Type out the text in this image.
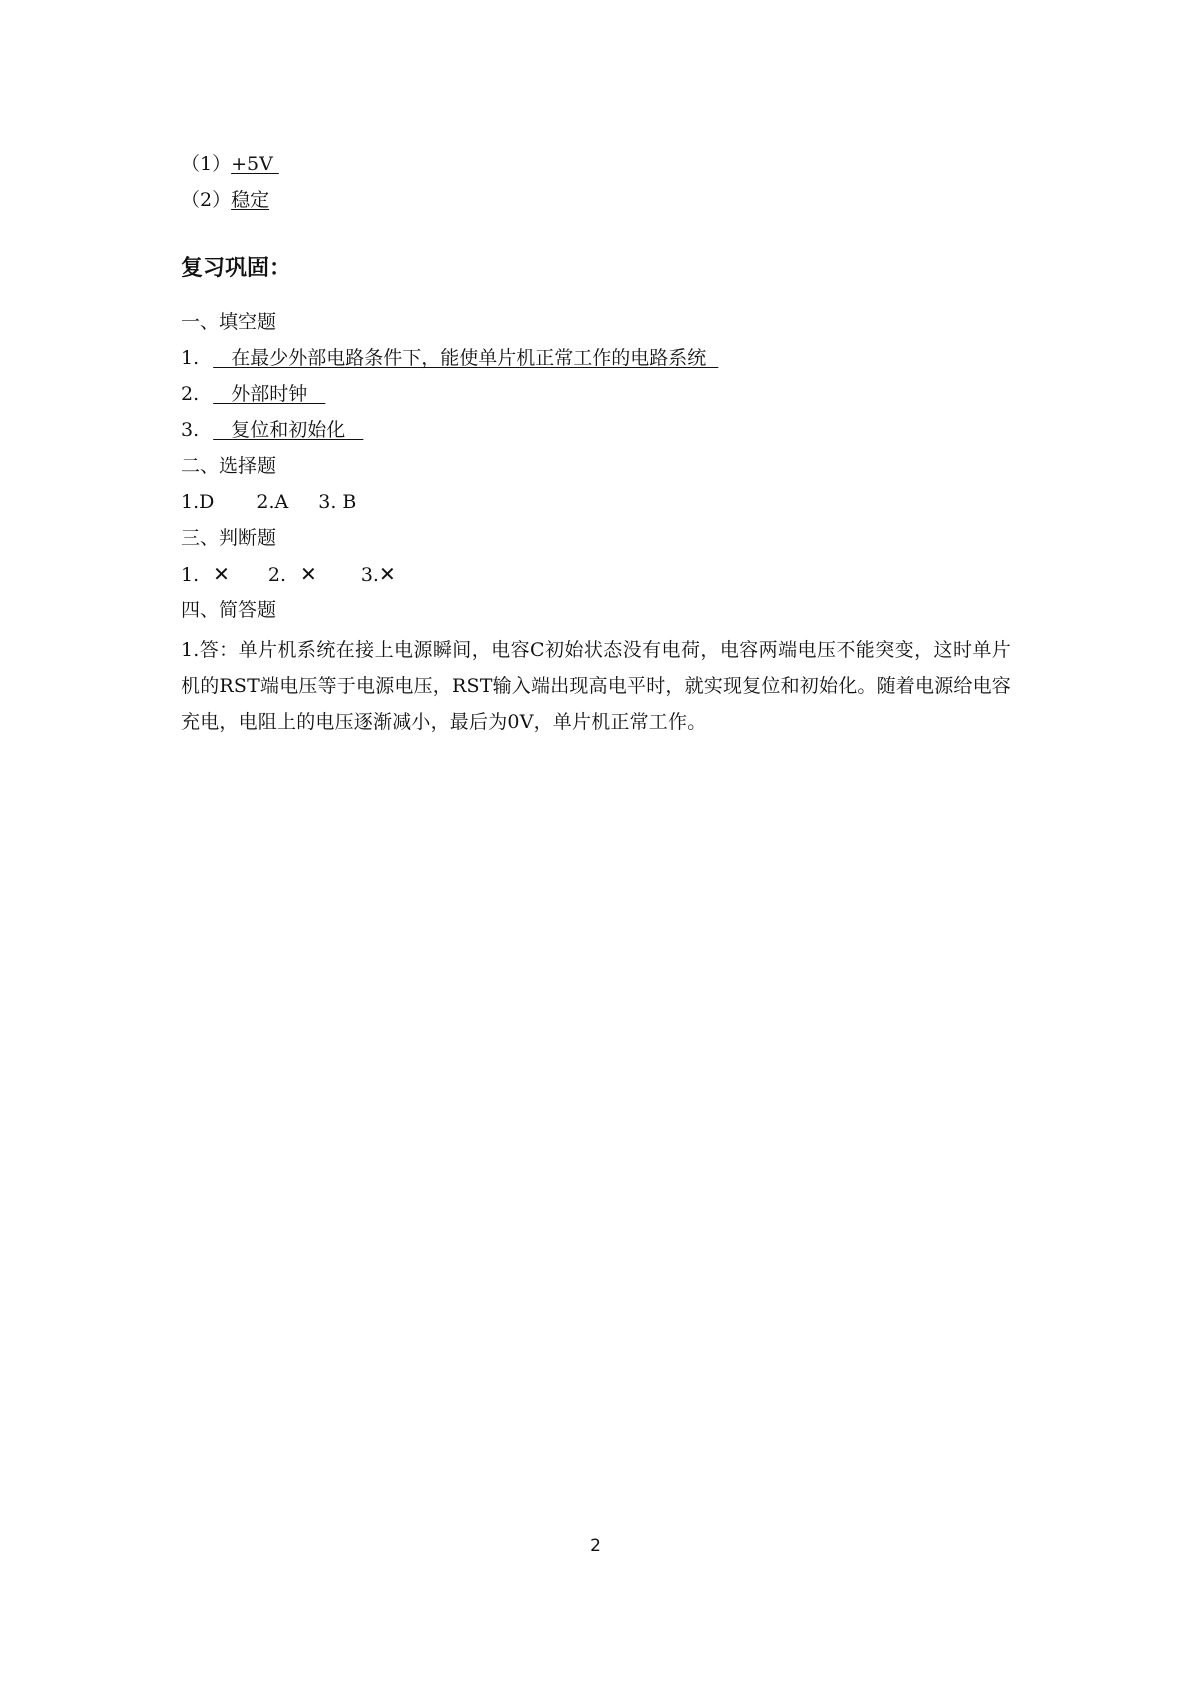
（1）+5V
（2）稳定
复习巩固：
一、填空题
1.   在最少外部电路条件下，能使单片机正常工作的电路系统
2.   外部时钟
3.   复位和初始化
二、选择题
1.D 2.A 3. B
三、判断题
1. ✕ 2. ✕ 3.✕
四、简答题
1.答：单片机系统在接上电源瞬间，电容C初始状态没有电荷，电容两端电压不能突变，这时单片机的RST端电压等于电源电压，RST输入端出现高电平时，就实现复位和初始化。随着电源给电容充电，电阻上的电压逐渐减小，最后为0V，单片机正常工作。
2
